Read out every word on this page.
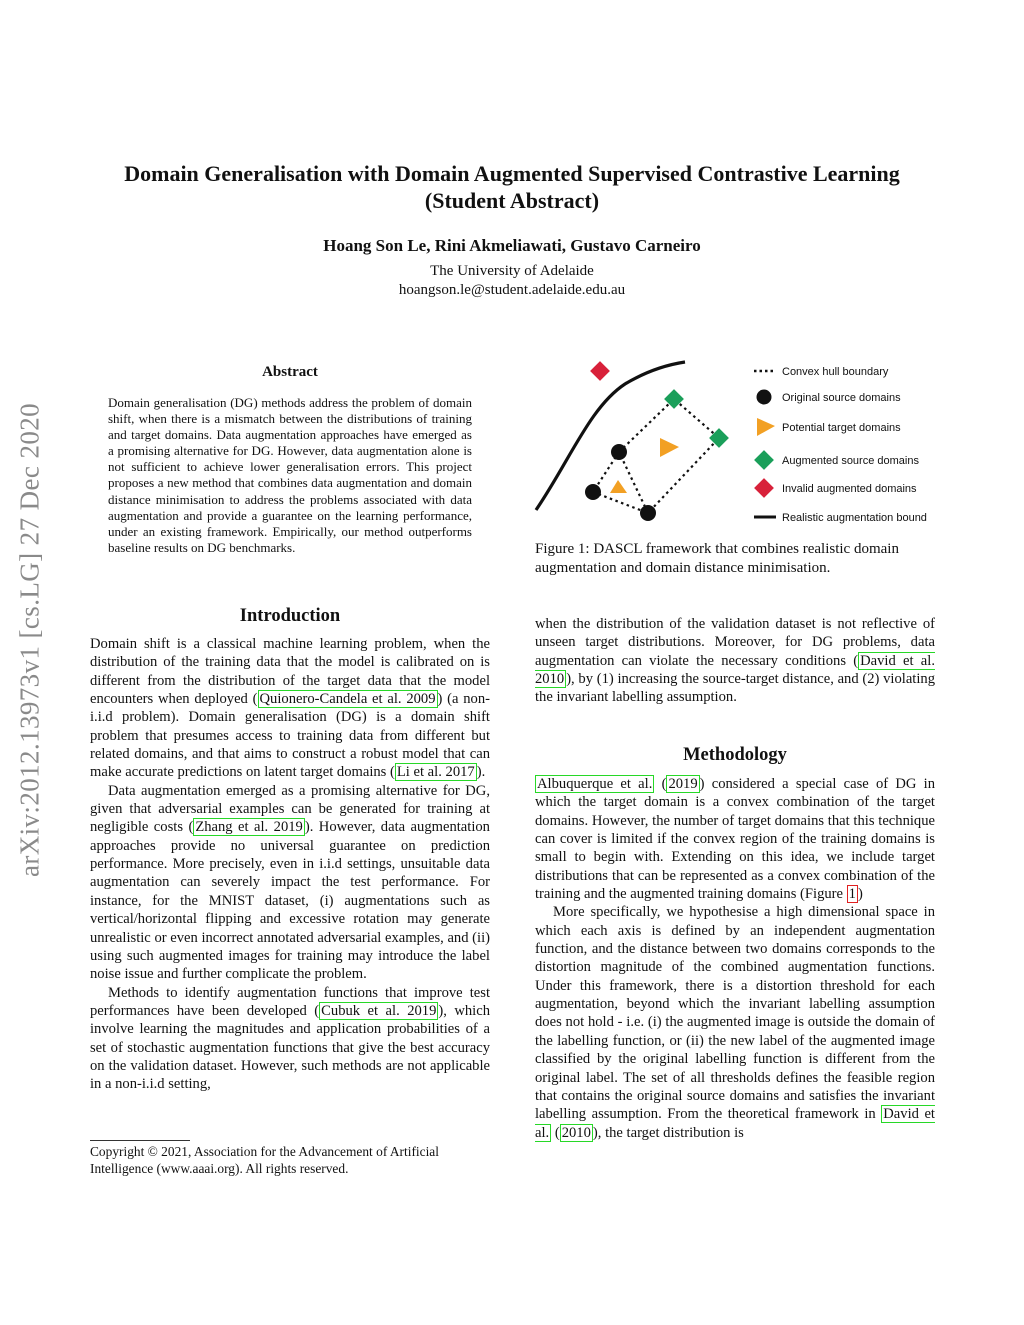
arXiv:2012.13973v1 [cs.LG] 27 Dec 2020
Domain Generalisation with Domain Augmented Supervised Contrastive Learning (Student Abstract)
Hoang Son Le, Rini Akmeliawati, Gustavo Carneiro
The University of Adelaide
hoangson.le@student.adelaide.edu.au
Abstract
Domain generalisation (DG) methods address the problem of domain shift, when there is a mismatch between the distributions of training and target domains. Data augmentation approaches have emerged as a promising alternative for DG. However, data augmentation alone is not sufficient to achieve lower generalisation errors. This project proposes a new method that combines data augmentation and domain distance minimisation to address the problems associated with data augmentation and provide a guarantee on the learning performance, under an existing framework. Empirically, our method outperforms baseline results on DG benchmarks.
Introduction

Domain shift is a classical machine learning problem, when the distribution of the training data that the model is calibrated on is different from the distribution of the target data that the model encounters when deployed ( Quionero-Candela et al. 2009 ) (a non-i.i.d problem). Domain generalisation (DG) is a domain shift problem that presumes access to training data from different but related domains, and that aims to construct a robust model that can make accurate predictions on latent target domains ( Li et al. 2017 ).

Data augmentation emerged as a promising alternative for DG, given that adversarial examples can be generated for training at negligible costs ( Zhang et al. 2019 ). However, data augmentation approaches provide no universal guarantee on prediction performance. More precisely, even in i.i.d settings, unsuitable data augmentation can severely impact the test performance. For instance, for the MNIST dataset, (i) augmentations such as vertical/horizontal flipping and excessive rotation may generate unrealistic or even incorrect annotated adversarial examples, and (ii) using such augmented images for training may introduce the label noise issue and further complicate the problem.

Methods to identify augmentation functions that improve test performances have been developed ( Cubuk et al. 2019 ), which involve learning the magnitudes and application probabilities of a set of stochastic augmentation functions that give the best accuracy on the validation dataset. However, such methods are not applicable in a non-i.i.d setting,

Copyright © 2021, Association for the Advancement of Artificial Intelligence (www.aaai.org). All rights reserved.
Convex hull boundary
Original source domains
Potential target domains
Augmented source domains
Invalid augmented domains
Realistic augmentation bound
Figure 1: DASCL framework that combines realistic domain augmentation and domain distance minimisation.

when the distribution of the validation dataset is not reflective of unseen target distributions. Moreover, for DG problems, data augmentation can violate the necessary conditions ( David et al. 2010 ), by (1) increasing the source-target distance, and (2) violating the invariant labelling assumption.

Methodology

Albuquerque et al. ( 2019 ) considered a special case of DG in which the target domain is a convex combination of the target domains. However, the number of target domains that this technique can cover is limited if the convex region of the training domains is small to begin with. Extending on this idea, we include target distributions that can be represented as a convex combination of the training and the augmented training domains (Figure 1 )

More specifically, we hypothesise a high dimensional space in which each axis is defined by an independent augmentation function, and the distance between two domains corresponds to the distortion magnitude of the combined augmentation functions. Under this framework, there is a distortion threshold for each augmentation, beyond which the invariant labelling assumption does not hold - i.e. (i) the augmented image is outside the domain of the labelling function, or (ii) the new label of the augmented image classified by the original labelling function is different from the original label. The set of all thresholds defines the feasible region that contains the original source domains and satisfies the invariant labelling assumption. From the theoretical framework in David et al. ( 2010 ), the target distribution is
